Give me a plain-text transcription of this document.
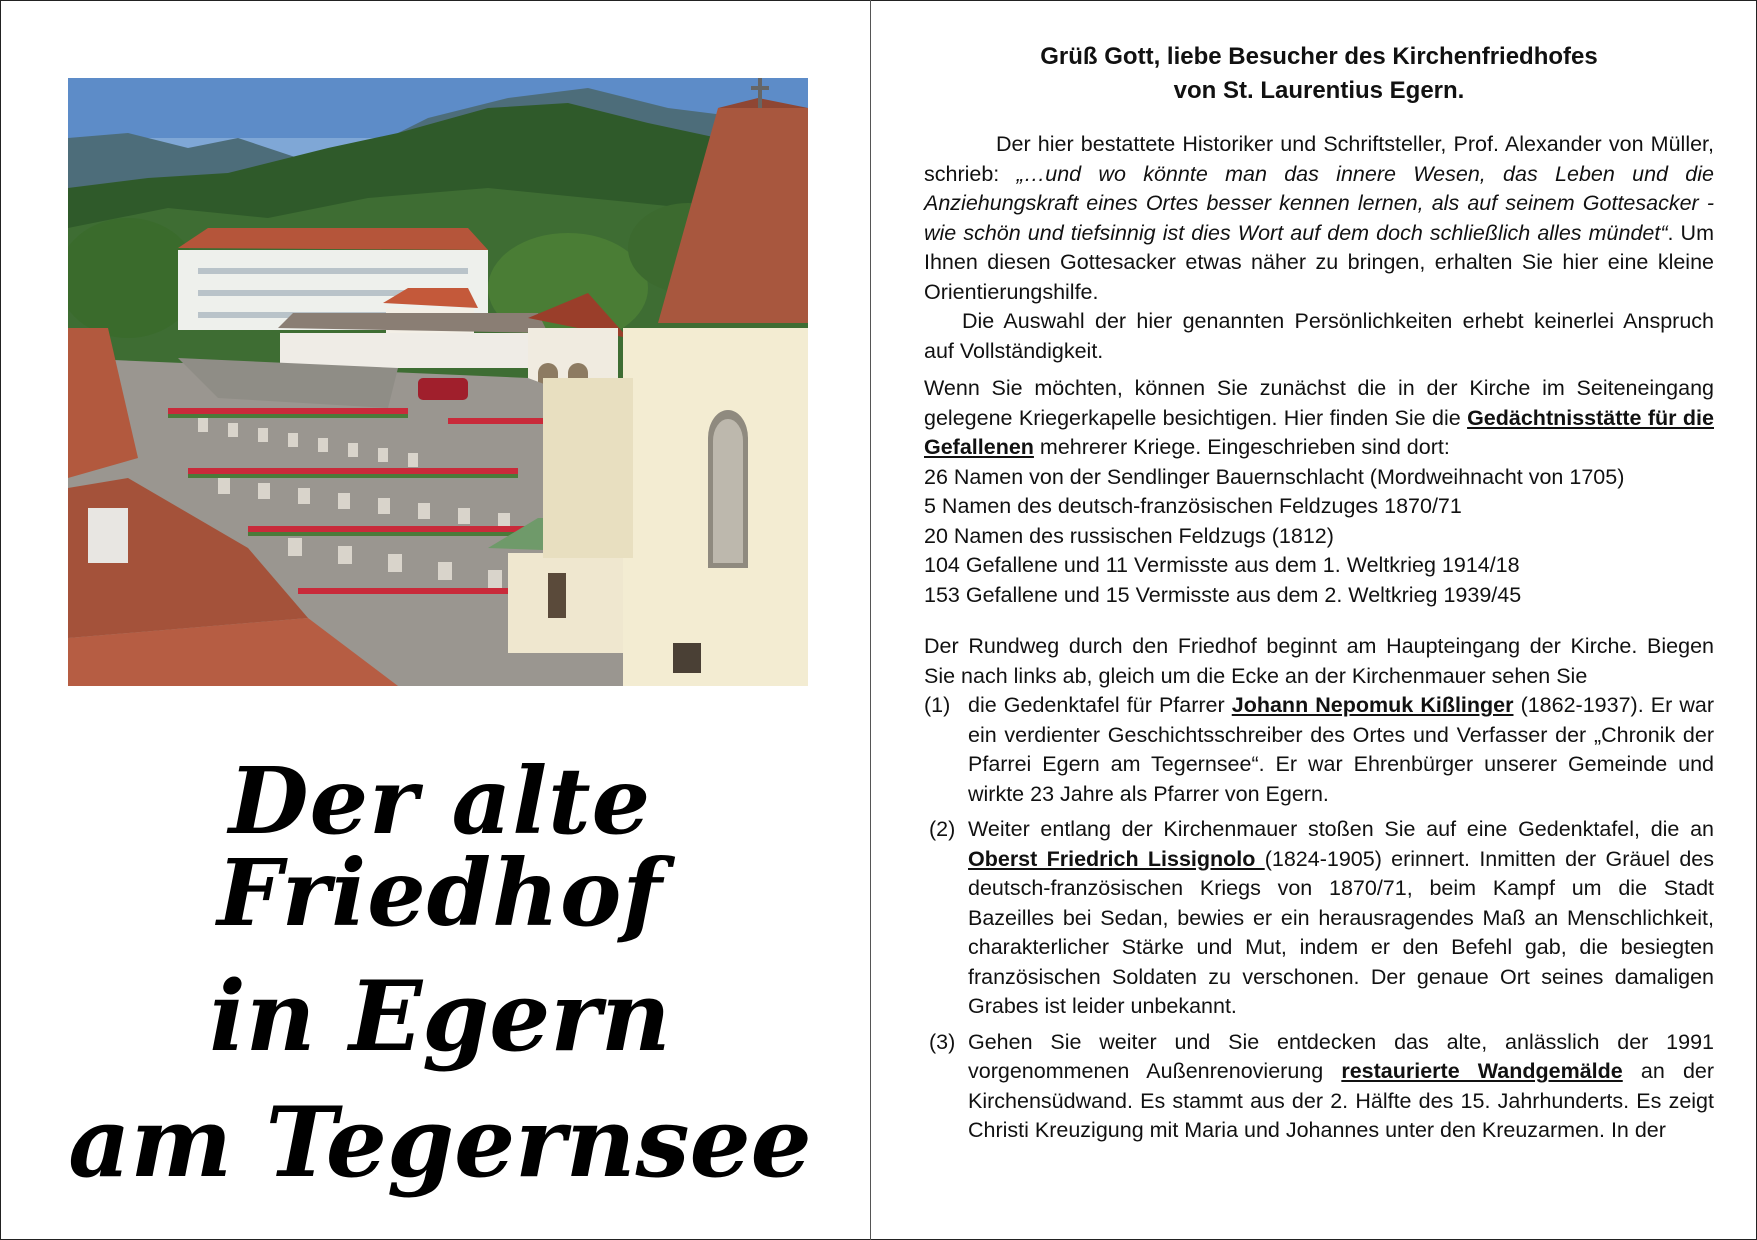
Der alte Friedhof
in Egern
am Tegernsee
Grüß Gott, liebe Besucher des Kirchenfriedhofes
von St. Laurentius Egern.

Der hier bestattete Historiker und Schriftsteller, Prof. Alexander von Müller, schrieb: „…und wo könnte man das innere Wesen, das Leben und die Anziehungskraft eines Ortes besser kennen lernen, als auf seinem Gottesacker - wie schön und tiefsinnig ist dies Wort auf dem doch schließlich alles mündet“. Um Ihnen diesen Gottesacker etwas näher zu bringen, erhalten Sie hier eine kleine Orientierungshilfe.

Die Auswahl der hier genannten Persönlichkeiten erhebt keinerlei Anspruch auf Vollständigkeit.

Wenn Sie möchten, können Sie zunächst die in der Kirche im Seiteneingang gelegene Kriegerkapelle besichtigen. Hier finden Sie die Gedächtnisstätte für die Gefallenen mehrerer Kriege. Eingeschrieben sind dort:

26 Namen von der Sendlinger Bauernschlacht (Mordweihnacht von 1705)
5 Namen des deutsch-französischen Feldzuges 1870/71
20 Namen des russischen Feldzugs (1812)
104 Gefallene und 11 Vermisste aus dem 1. Weltkrieg 1914/18
153 Gefallene und 15 Vermisste aus dem 2. Weltkrieg 1939/45

Der Rundweg durch den Friedhof beginnt am Haupteingang der Kirche. Biegen Sie nach links ab, gleich um die Ecke an der Kirchenmauer sehen Sie

(1) die Gedenktafel für Pfarrer Johann Nepomuk Kißlinger (1862-1937). Er war ein verdienter Geschichtsschreiber des Ortes und Verfasser der „Chronik der Pfarrei Egern am Tegernsee“. Er war Ehrenbürger unserer Gemeinde und wirkte 23 Jahre als Pfarrer von Egern.
(2) Weiter entlang der Kirchenmauer stoßen Sie auf eine Gedenktafel, die an Oberst Friedrich Lissignolo (1824-1905) erinnert. Inmitten der Gräuel des deutsch-französischen Kriegs von 1870/71, beim Kampf um die Stadt Bazeilles bei Sedan, bewies er ein herausragendes Maß an Menschlichkeit, charakterlicher Stärke und Mut, indem er den Befehl gab, die besiegten französischen Soldaten zu verschonen. Der genaue Ort seines damaligen Grabes ist leider unbekannt.
(3) Gehen Sie weiter und Sie entdecken das alte, anlässlich der 1991 vorgenommenen Außenrenovierung restaurierte Wandgemälde an der Kirchensüdwand. Es stammt aus der 2. Hälfte des 15. Jahrhunderts. Es zeigt Christi Kreuzigung mit Maria und Johannes unter den Kreuzarmen. In der
